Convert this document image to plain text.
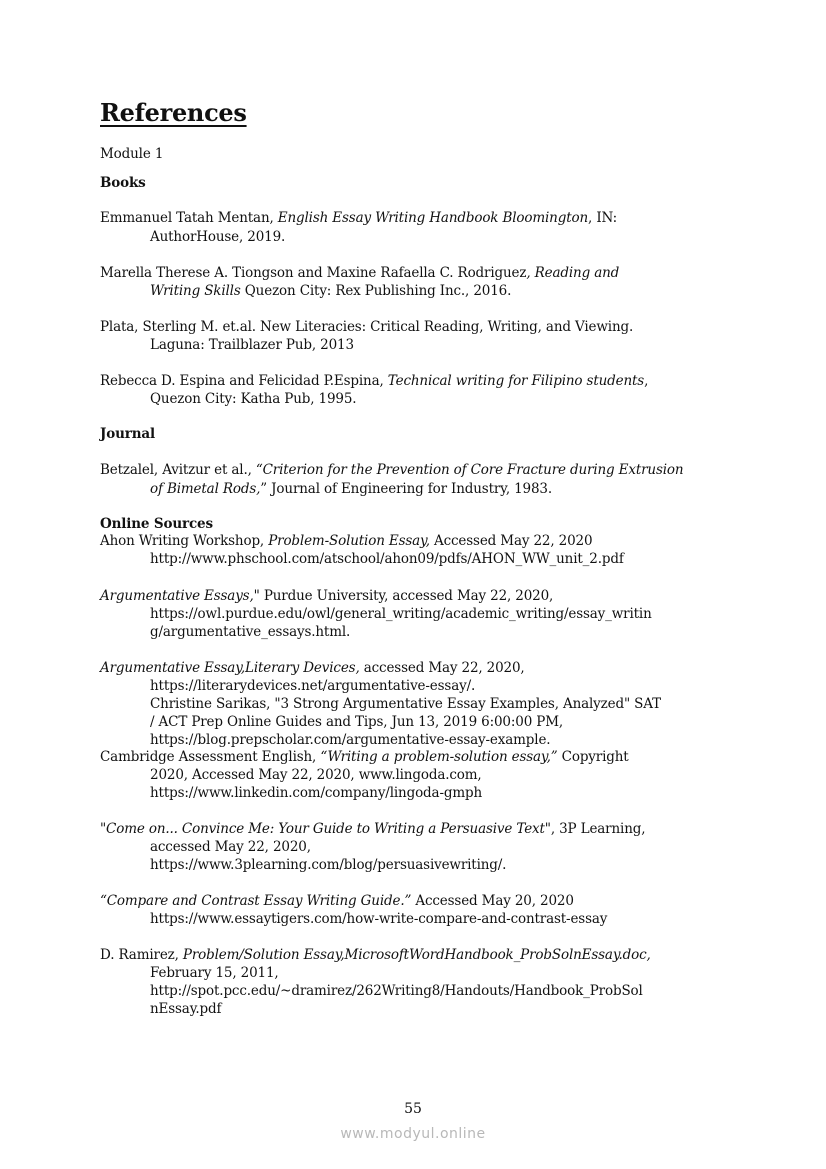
References
Module 1
Books
Emmanuel Tatah Mentan, English Essay Writing Handbook Bloomington, IN:
AuthorHouse, 2019.
Marella Therese A. Tiongson and Maxine Rafaella C. Rodriguez, Reading and
Writing Skills Quezon City: Rex Publishing Inc., 2016.
Plata, Sterling M. et.al. New Literacies: Critical Reading, Writing, and Viewing.
Laguna: Trailblazer Pub, 2013
Rebecca D. Espina and Felicidad P.Espina, Technical writing for Filipino students,
Quezon City: Katha Pub, 1995.
Journal
Betzalel, Avitzur et al., “Criterion for the Prevention of Core Fracture during Extrusion
of Bimetal Rods,” Journal of Engineering for Industry, 1983.
Online Sources
Ahon Writing Workshop, Problem-Solution Essay, Accessed May 22, 2020
http://www.phschool.com/atschool/ahon09/pdfs/AHON_WW_unit_2.pdf
Argumentative Essays," Purdue University, accessed May 22, 2020,
https://owl.purdue.edu/owl/general_writing/academic_writing/essay_writin
g/argumentative_essays.html.
Argumentative Essay,Literary Devices, accessed May 22, 2020,
https://literarydevices.net/argumentative-essay/.
Christine Sarikas, "3 Strong Argumentative Essay Examples, Analyzed" SAT
/ ACT Prep Online Guides and Tips, Jun 13, 2019 6:00:00 PM,
https://blog.prepscholar.com/argumentative-essay-example.
Cambridge Assessment English, “Writing a problem-solution essay,” Copyright
2020, Accessed May 22, 2020, www.lingoda.com,
https://www.linkedin.com/company/lingoda-gmph
"Come on... Convince Me: Your Guide to Writing a Persuasive Text", 3P Learning,
accessed May 22, 2020,
https://www.3plearning.com/blog/persuasivewriting/.
“Compare and Contrast Essay Writing Guide.” Accessed May 20, 2020
https://www.essaytigers.com/how-write-compare-and-contrast-essay
D. Ramirez, Problem/Solution Essay,MicrosoftWordHandbook_ProbSolnEssay.doc,
February 15, 2011,
http://spot.pcc.edu/~dramirez/262Writing8/Handouts/Handbook_ProbSol
nEssay.pdf
55
www.modyul.online
